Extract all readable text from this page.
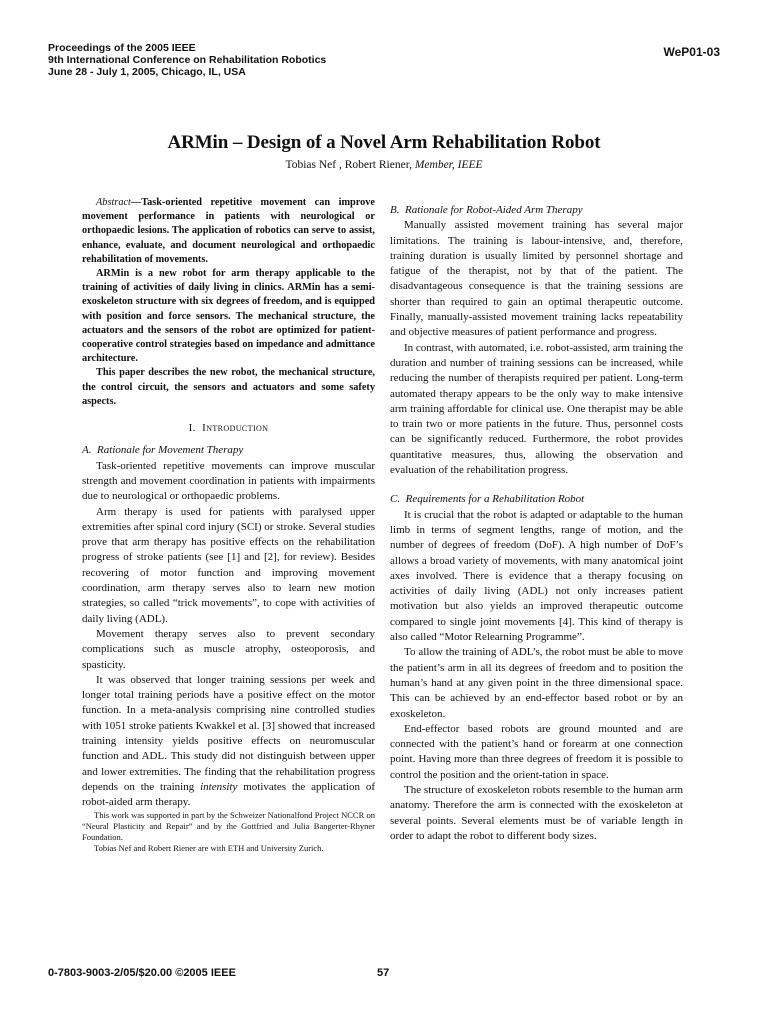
Proceedings of the 2005 IEEE
9th International Conference on Rehabilitation Robotics
June 28 - July 1, 2005, Chicago, IL, USA
WeP01-03
ARMin – Design of a Novel Arm Rehabilitation Robot
Tobias Nef , Robert Riener, Member, IEEE

Abstract—Task-oriented repetitive movement can improve movement performance in patients with neurological or orthopaedic lesions. The application of robotics can serve to assist, enhance, evaluate, and document neurological and orthopaedic rehabilitation of movements.

ARMin is a new robot for arm therapy applicable to the training of activities of daily living in clinics. ARMin has a semi-exoskeleton structure with six degrees of freedom, and is equipped with position and force sensors. The mechanical structure, the actuators and the sensors of the robot are optimized for patient-cooperative control strategies based on impedance and admittance architecture.

This paper describes the new robot, the mechanical structure, the control circuit, the sensors and actuators and some safety aspects.

I. Introduction

A. Rationale for Movement Therapy

Task-oriented repetitive movements can improve muscular strength and movement coordination in patients with impairments due to neurological or orthopaedic problems.

Arm therapy is used for patients with paralysed upper extremities after spinal cord injury (SCI) or stroke. Several studies prove that arm therapy has positive effects on the rehabilitation progress of stroke patients (see [1] and [2], for review). Besides recovering of motor function and improving movement coordination, arm therapy serves also to learn new motion strategies, so called “trick movements”, to cope with activities of daily living (ADL).

Movement therapy serves also to prevent secondary complications such as muscle atrophy, osteoporosis, and spasticity.

It was observed that longer training sessions per week and longer total training periods have a positive effect on the motor function. In a meta-analysis comprising nine controlled studies with 1051 stroke patients Kwakkel et al. [3] showed that increased training intensity yields positive effects on neuromuscular function and ADL. This study did not distinguish between upper and lower extremities. The finding that the rehabilitation progress depends on the training intensity motivates the application of robot-aided arm therapy.

This work was supported in part by the Schweizer Nationalfond Project NCCR on “Neural Plasticity and Repair” and by the Gottfried and Julia Bangerter-Rhyner Foundation.

Tobias Nef and Robert Riener are with ETH and University Zurich.

B. Rationale for Robot-Aided Arm Therapy

Manually assisted movement training has several major limitations. The training is labour-intensive, and, therefore, training duration is usually limited by personnel shortage and fatigue of the therapist, not by that of the patient. The disadvantageous consequence is that the training sessions are shorter than required to gain an optimal therapeutic outcome. Finally, manually-assisted movement training lacks repeatability and objective measures of patient performance and progress.

In contrast, with automated, i.e. robot-assisted, arm training the duration and number of training sessions can be increased, while reducing the number of therapists required per patient. Long-term automated therapy appears to be the only way to make intensive arm training affordable for clinical use. One therapist may be able to train two or more patients in the future. Thus, personnel costs can be significantly reduced. Furthermore, the robot provides quantitative measures, thus, allowing the observation and evaluation of the rehabilitation progress.

C. Requirements for a Rehabilitation Robot

It is crucial that the robot is adapted or adaptable to the human limb in terms of segment lengths, range of motion, and the number of degrees of freedom (DoF). A high number of DoF’s allows a broad variety of movements, with many anatomical joint axes involved. There is evidence that a therapy focusing on activities of daily living (ADL) not only increases patient motivation but also yields an improved therapeutic outcome compared to single joint movements [4]. This kind of therapy is also called “Motor Relearning Programme”.

To allow the training of ADL’s, the robot must be able to move the patient’s arm in all its degrees of freedom and to position the human’s hand at any given point in the three dimensional space. This can be achieved by an end-effector based robot or by an exoskeleton.

End-effector based robots are ground mounted and are connected with the patient’s hand or forearm at one connection point. Having more than three degrees of freedom it is possible to control the position and the orient-tation in space.

The structure of exoskeleton robots resemble to the human arm anatomy. Therefore the arm is connected with the exoskeleton at several points. Several elements must be of variable length in order to adapt the robot to different body sizes.

0-7803-9003-2/05/$20.00 ©2005 IEEE	57
